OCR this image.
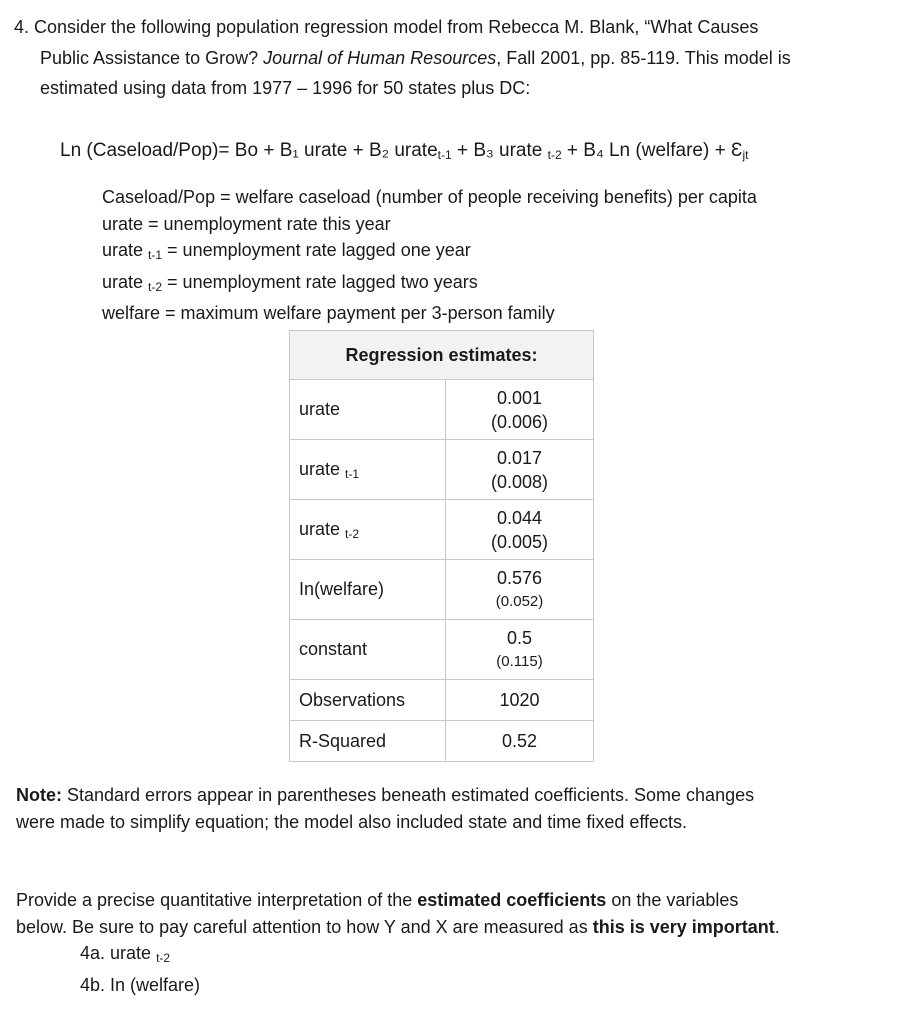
4. Consider the following population regression model from Rebecca M. Blank, “What Causes
Public Assistance to Grow? Journal of Human Resources, Fall 2001, pp. 85-119. This model is
estimated using data from 1977 – 1996 for 50 states plus DC:
Ln (Caseload/Pop)= Bo + B₁ urate + B₂ urate$_{t-1}$ + B₃ urate $_{t-2}$ + B₄ Ln (welfare) + $Ɛ_{jt}$
Caseload/Pop = welfare caseload (number of people receiving benefits) per capita
urate = unemployment rate this year
urate $_{t-1}$ = unemployment rate lagged one year
urate $_{t-2}$ = unemployment rate lagged two years
welfare = maximum welfare payment per 3-person family
Regression estimates:	
urate	0.001
(0.006)

urate $_{t-1}$	0.017
(0.008)

urate $_{t-2}$	0.044
(0.005)

In(welfare)	0.576
(0.052)

constant	0.5
(0.115)

Observations	1020
R-Squared	0.52
Note: Standard errors appear in parentheses beneath estimated coefficients. Some changes
were made to simplify equation; the model also included state and time fixed effects.
Provide a precise quantitative interpretation of the estimated coefficients on the variables
below. Be sure to pay careful attention to how Y and X are measured as this is very important.
4a. urate $_{t-2}$
4b. In (welfare)
